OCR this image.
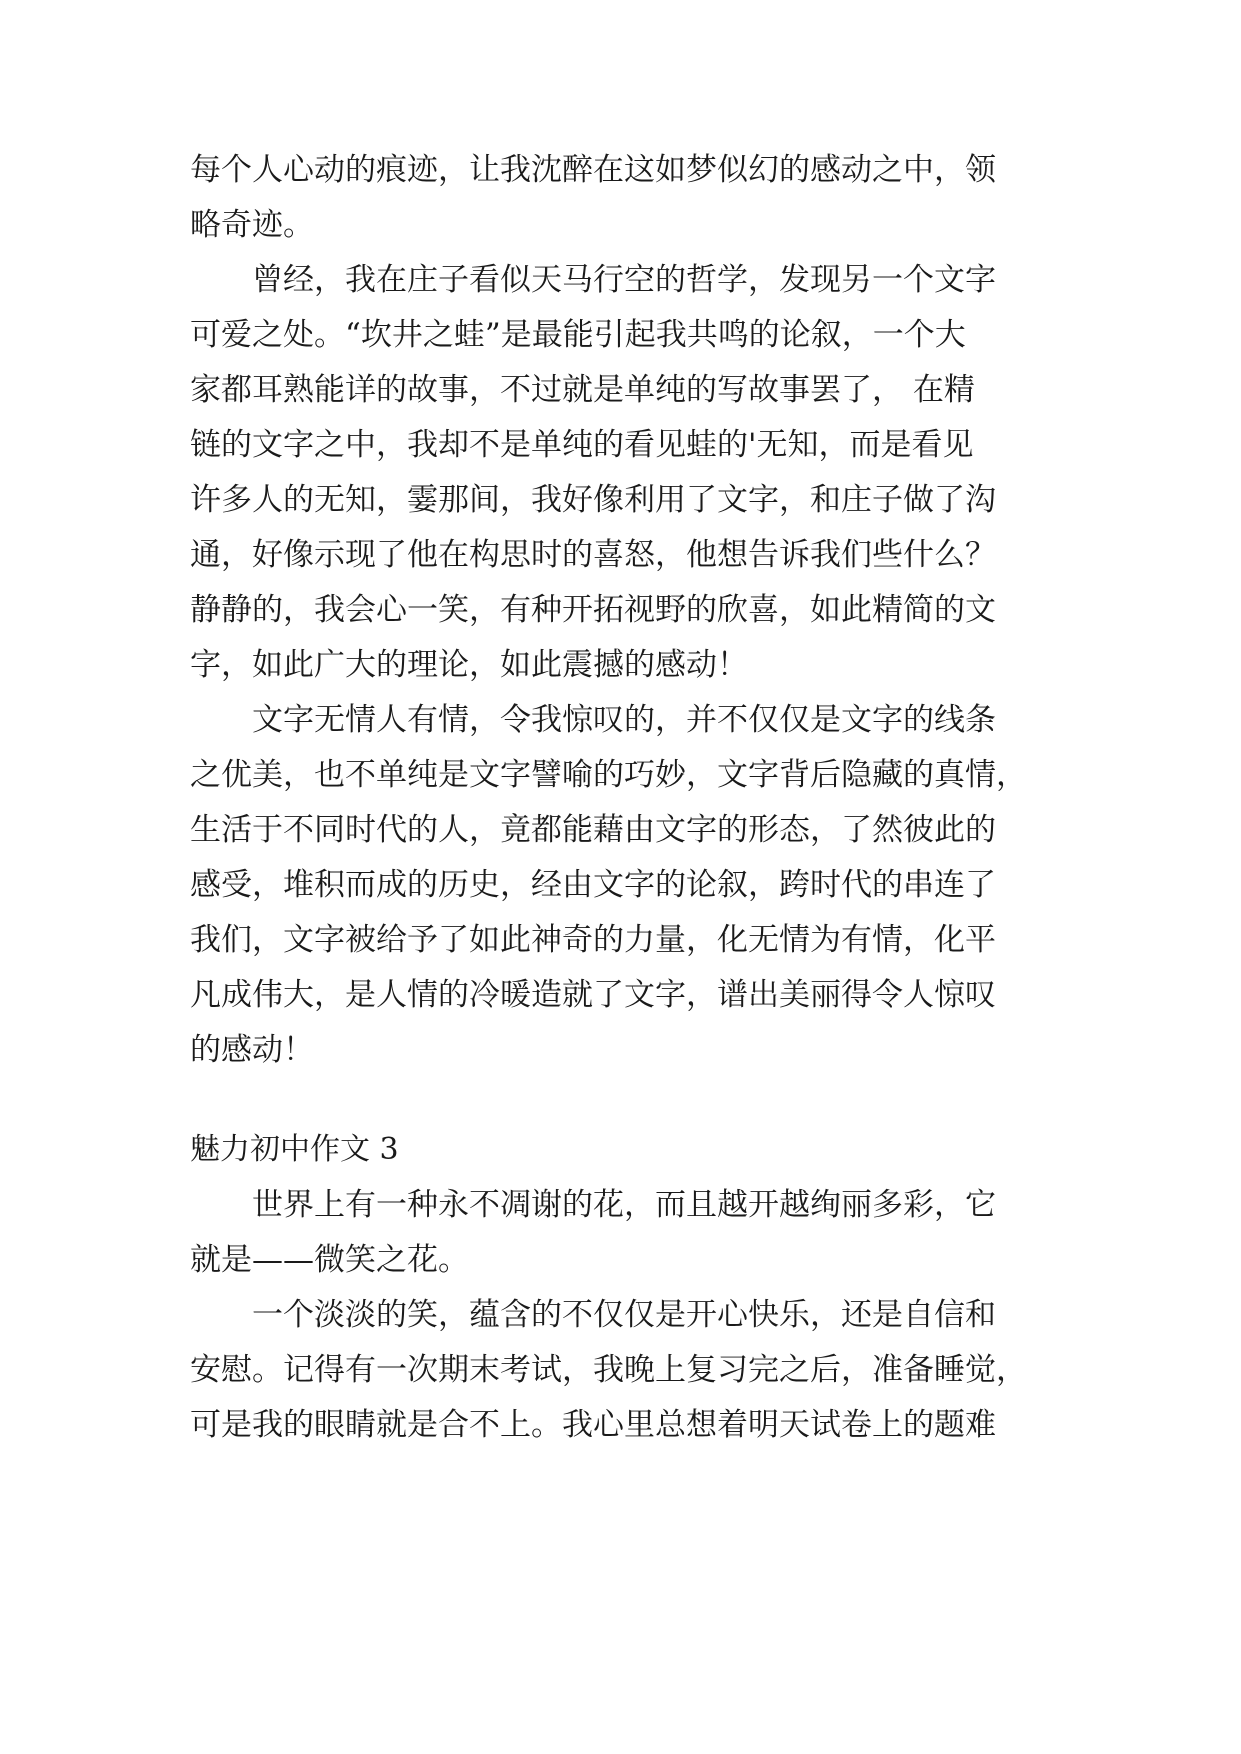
每个人心动的痕迹，让我沈醉在这如梦似幻的感动之中，领
略奇迹。
曾经，我在庄子看似天马行空的哲学，发现另一个文字
可爱之处。“坎井之蛙”是最能引起我共鸣的论叙，一个大
家都耳熟能详的故事，不过就是单纯的写故事罢了， 在精
链的文字之中，我却不是单纯的看见蛙的'无知，而是看见
许多人的无知，霎那间，我好像利用了文字，和庄子做了沟
通，好像示现了他在构思时的喜怒，他想告诉我们些什么？
静静的，我会心一笑，有种开拓视野的欣喜，如此精简的文
字，如此广大的理论，如此震撼的感动！
文字无情人有情，令我惊叹的，并不仅仅是文字的线条
之优美，也不单纯是文字譬喻的巧妙，文字背后隐藏的真情，
生活于不同时代的人，竟都能藉由文字的形态，了然彼此的
感受，堆积而成的历史，经由文字的论叙，跨时代的串连了
我们，文字被给予了如此神奇的力量，化无情为有情，化平
凡成伟大，是人情的冷暖造就了文字，谱出美丽得令人惊叹
的感动！
魅力初中作文 3
世界上有一种永不凋谢的花，而且越开越绚丽多彩，它
就是——微笑之花。
一个淡淡的笑，蕴含的不仅仅是开心快乐，还是自信和
安慰。记得有一次期末考试，我晚上复习完之后，准备睡觉，
可是我的眼睛就是合不上。我心里总想着明天试卷上的题难
